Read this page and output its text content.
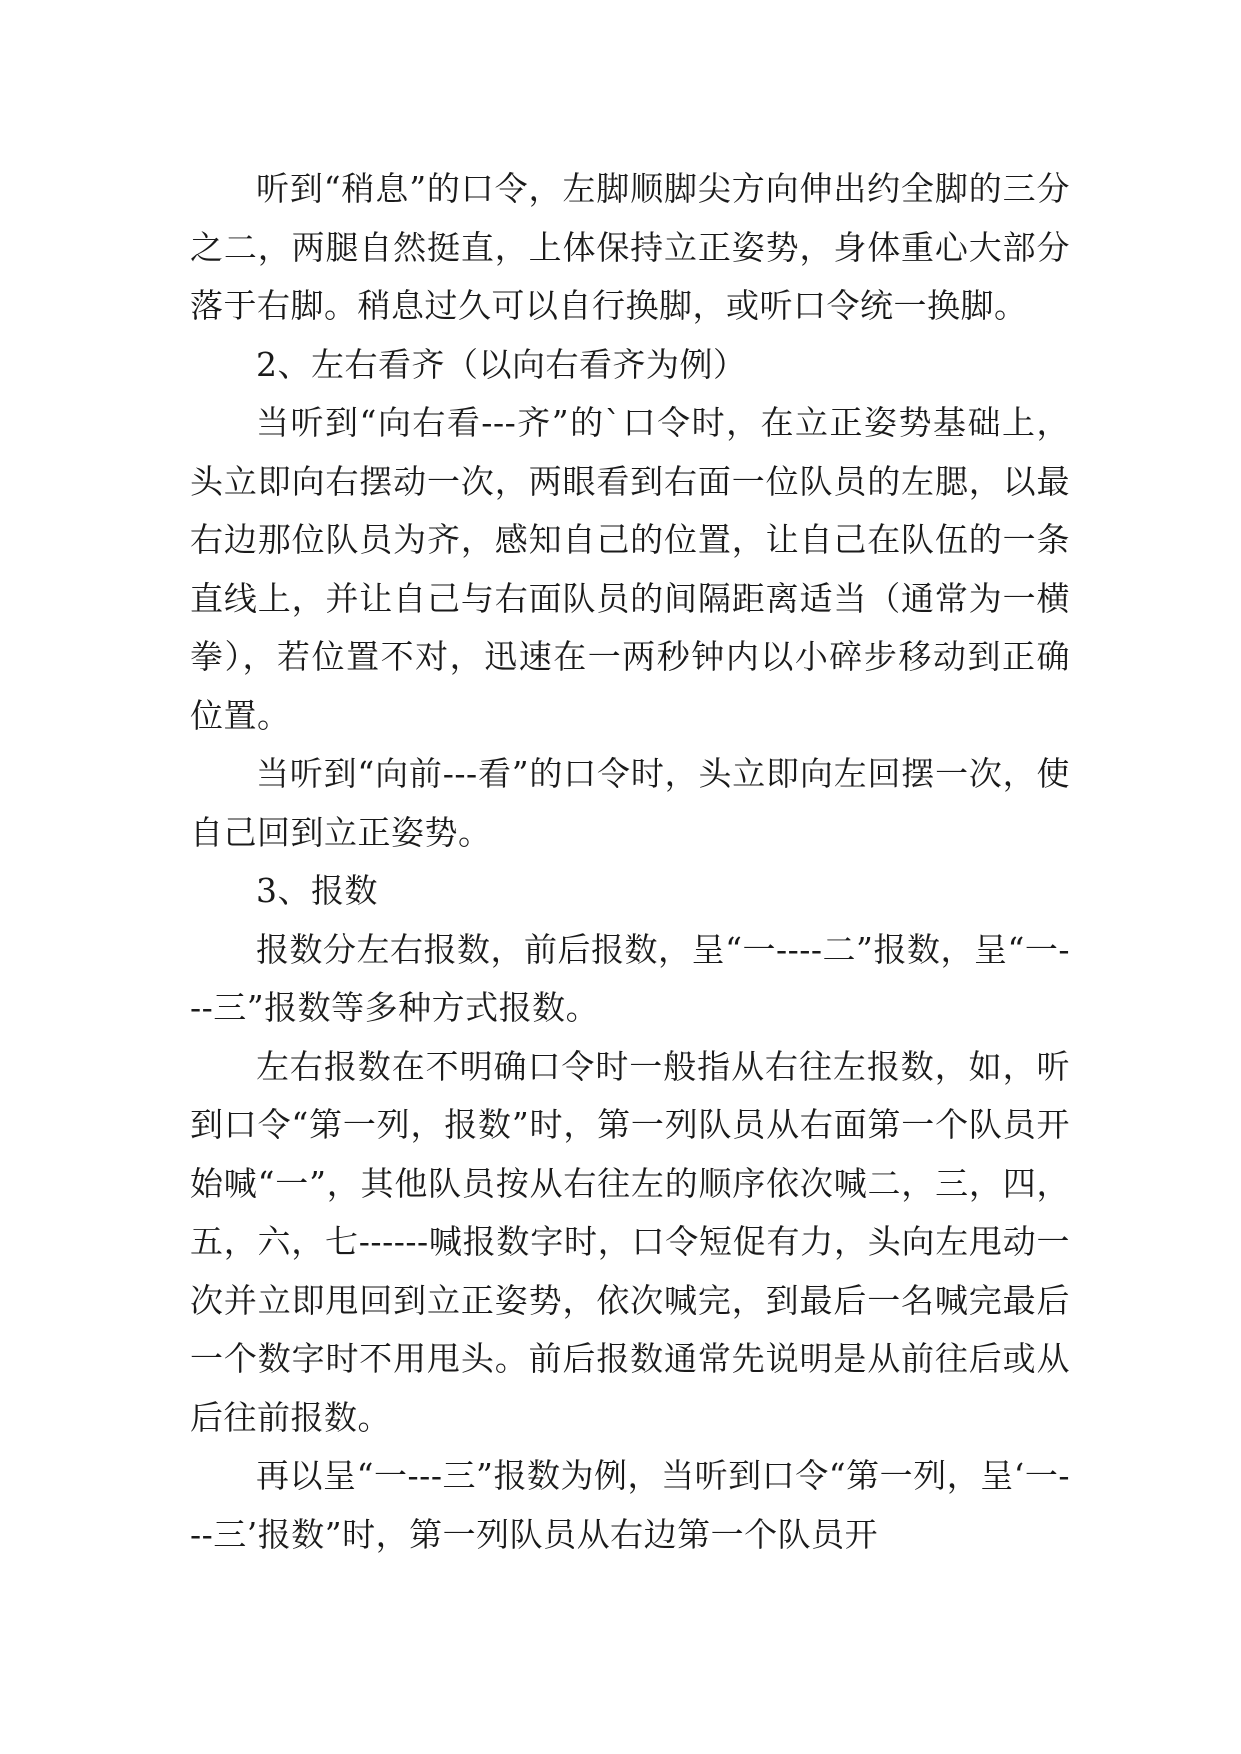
听到“稍息”的口令，左脚顺脚尖方向伸出约全脚的三分之二，两腿自然挺直，上体保持立正姿势，身体重心大部分落于右脚。稍息过久可以自行换脚，或听口令统一换脚。

2、左右看齐（以向右看齐为例）

当听到“向右看---齐”的`口令时，在立正姿势基础上，头立即向右摆动一次，两眼看到右面一位队员的左腮，以最右边那位队员为齐，感知自己的位置，让自己在队伍的一条直线上，并让自己与右面队员的间隔距离适当（通常为一横拳），若位置不对，迅速在一两秒钟内以小碎步移动到正确位置。

当听到“向前---看”的口令时，头立即向左回摆一次，使自己回到立正姿势。

3、报数

报数分左右报数，前后报数，呈“一----二”报数，呈“一---三”报数等多种方式报数。

左右报数在不明确口令时一般指从右往左报数，如，听到口令“第一列，报数”时，第一列队员从右面第一个队员开始喊“一”，其他队员按从右往左的顺序依次喊二，三，四，五，六，七------喊报数字时，口令短促有力，头向左甩动一次并立即甩回到立正姿势，依次喊完，到最后一名喊完最后一个数字时不用甩头。前后报数通常先说明是从前往后或从后往前报数。

再以呈“一---三”报数为例，当听到口令“第一列，呈‘一---三’报数”时，第一列队员从右边第一个队员开
